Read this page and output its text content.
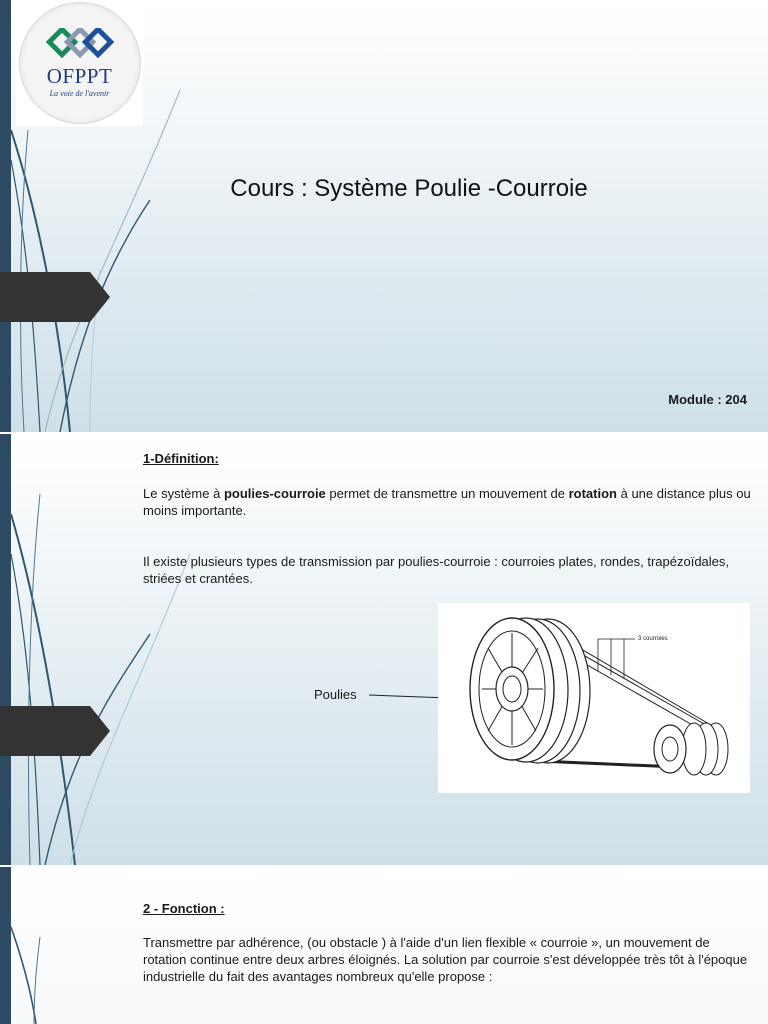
OFPPT
La voie de l'avenir
Cours : Système Poulie -Courroie
Module : 204
1-Définition:
Le système à poulies-courroie permet de transmettre un mouvement de rotation à une distance plus ou moins importante.
Il existe plusieurs types de transmission par poulies-courroie : courroies plates, rondes, trapézoïdales, striées et crantées.
Poulies
3 courroies
2 - Fonction :
Transmettre par adhérence, (ou obstacle ) à l'aide d'un lien flexible « courroie », un mouvement de rotation continue entre deux arbres éloignés. La solution par courroie s'est développée très tôt à l'époque industrielle du fait des avantages nombreux qu'elle propose :
